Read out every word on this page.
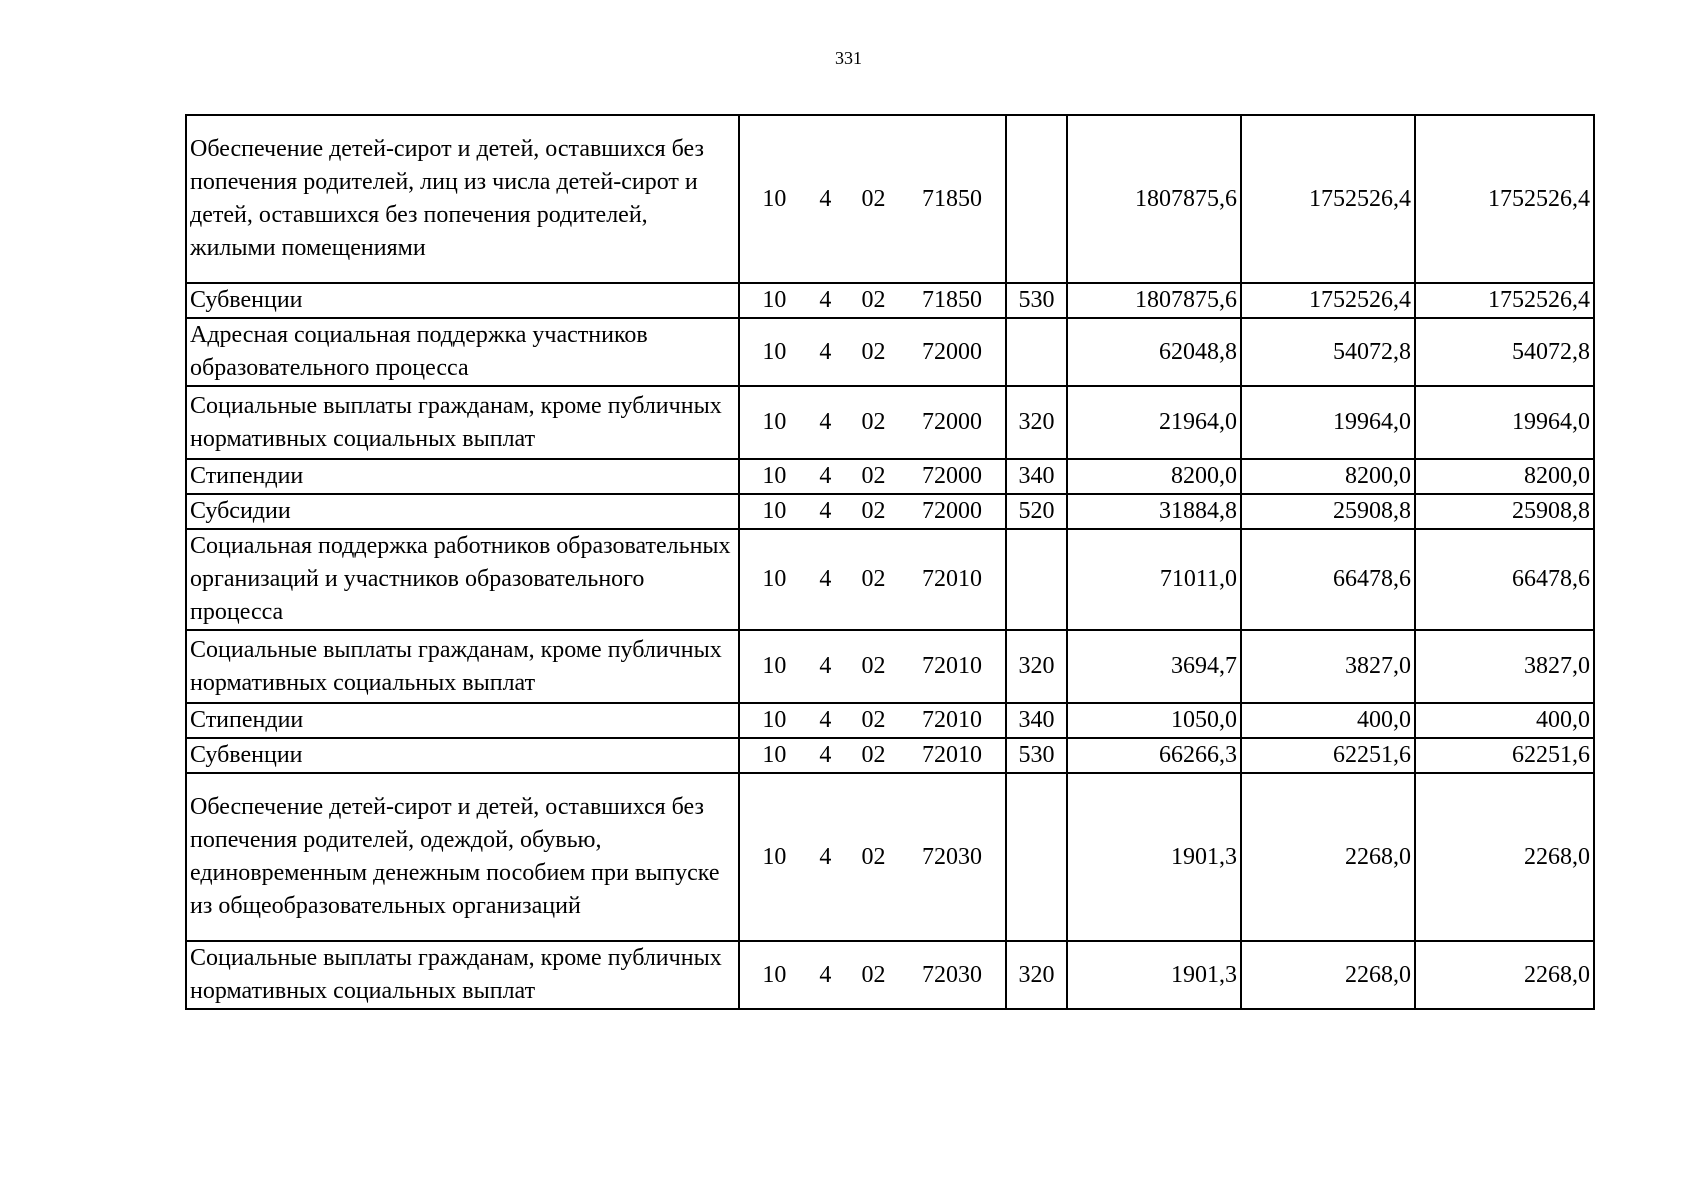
331
Обеспечение детей-сирот и детей, оставшихся без попечения родителей, лиц из числа детей-сирот и детей, оставшихся без попечения родителей, жилыми помещениями	10 4 02 71850		1807875,6	1752526,4	1752526,4
Субвенции	10 4 02 71850	530	1807875,6	1752526,4	1752526,4
Адресная социальная поддержка участников образовательного процесса	10 4 02 72000		62048,8	54072,8	54072,8
Социальные выплаты гражданам, кроме публичных нормативных социальных выплат	10 4 02 72000	320	21964,0	19964,0	19964,0
Стипендии	10 4 02 72000	340	8200,0	8200,0	8200,0
Субсидии	10 4 02 72000	520	31884,8	25908,8	25908,8
Социальная поддержка работников образовательных организаций и участников образовательного процесса	10 4 02 72010		71011,0	66478,6	66478,6
Социальные выплаты гражданам, кроме публичных нормативных социальных выплат	10 4 02 72010	320	3694,7	3827,0	3827,0
Стипендии	10 4 02 72010	340	1050,0	400,0	400,0
Субвенции	10 4 02 72010	530	66266,3	62251,6	62251,6
Обеспечение детей-сирот и детей, оставшихся без попечения родителей, одеждой, обувью, единовременным денежным пособием при выпуске из общеобразовательных организаций	10 4 02 72030		1901,3	2268,0	2268,0
Социальные выплаты гражданам, кроме публичных нормативных социальных выплат	10 4 02 72030	320	1901,3	2268,0	2268,0
